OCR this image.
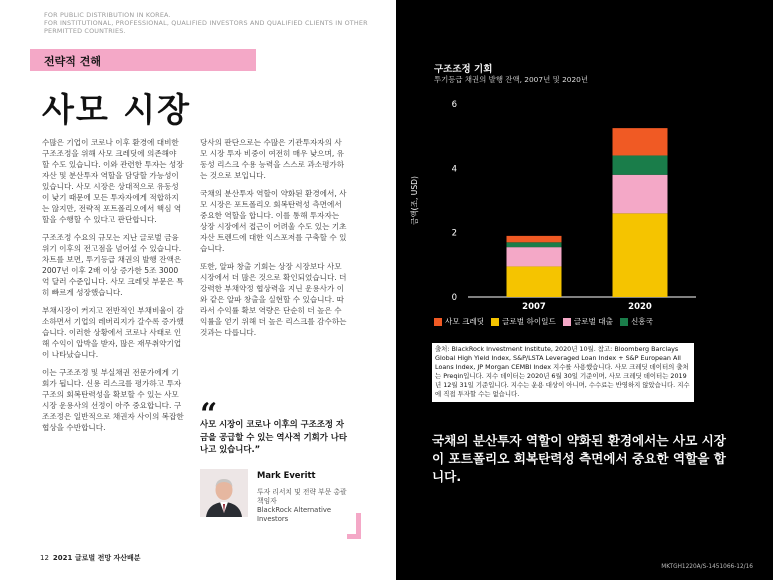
FOR PUBLIC DISTRIBUTION IN KOREA.
FOR INSTITUTIONAL, PROFESSIONAL, QUALIFIED INVESTORS AND QUALIFIED CLIENTS IN OTHER PERMITTED COUNTRIES.
전략적 견해
사모 시장

수많은 기업이 코로나 이후 환경에 대비한 구조조정을 위해 사모 크레딧에 의존해야 할 수도 있습니다. 이와 관련한 투자는 성장자산 및 분산투자 역할을 담당할 가능성이 있습니다. 사모 시장은 상대적으로 유동성이 낮기 때문에 모든 투자자에게 적합하지는 않지만, 전략적 포트폴리오에서 핵심 역할을 수행할 수 있다고 판단합니다.

구조조정 수요의 규모는 지난 글로벌 금융위기 이후의 전고점을 넘어설 수 있습니다. 차트를 보면, 투기등급 채권의 발행 잔액은 2007년 이후 2배 이상 증가한 5조 3000억 달러 수준입니다. 사모 크레딧 부문은 특히 빠르게 성장했습니다.

부채시장이 커지고 전반적인 부채비율이 감소하면서 기업의 레버리지가 갈수록 증가했습니다. 이러한 상황에서 코로나 사태로 인해 수익이 압박을 받자, 많은 재무취약기업이 나타났습니다.

이는 구조조정 및 부실채권 전문가에게 기회가 됩니다. 신용 리스크를 평가하고 투자 구조의 회복탄력성을 확보할 수 있는 사모 시장 운용사의 선정이 아주 중요합니다. 구조조정은 일반적으로 채권자 사이의 복잡한 협상을 수반합니다.

당사의 판단으로는 수많은 기관투자자의 사모 시장 투자 비중이 여전히 매우 낮으며, 유동성 리스크 수용 능력을 스스로 과소평가하는 것으로 보입니다.

국채의 분산투자 역할이 약화된 환경에서, 사모 시장은 포트폴리오 회복탄력성 측면에서 중요한 역할을 합니다. 이를 통해 투자자는 상장 시장에서 접근이 어려울 수도 있는 기초자산 트렌드에 대한 익스포저를 구축할 수 있습니다.

또한, 알파 창출 기회는 상장 시장보다 사모 시장에서 더 많은 것으로 확인되었습니다. 더 강력한 부채약정 협상력을 지닌 운용사가 이와 같은 알파 창출을 실현할 수 있습니다. 따라서 수익률 확보 역량은 단순히 더 높은 수익률을 얻기 위해 더 높은 리스크를 감수하는 것과는 다릅니다.

“
사모 시장이 코로나 이후의 구조조정 자금을 공급할 수 있는 역사적 기회가 나타나고 있습니다.”
Mark Everitt
투자 리서치 및 전략 부문 총괄 책임자
BlackRock Alternative Investors
12 2021 글로벌 전망 자산배분
구조조정 기회
투기등급 채권의 발행 잔액, 2007년 및 2020년
0
2
4
6
금액(조, USD)
2007	2020
사모 크레딧 글로벌 하이일드 글로벌 대출 신흥국
출처: BlackRock Investment Institute, 2020년 10월. 참고: Bloomberg Barclays Global High Yield Index, S&P/LSTA Leveraged Loan Index + S&P European All Loans Index, JP Morgan CEMBI Index 지수를 사용했습니다. 사모 크레딧 데이터의 출처는 Preqin입니다. 지수 데이터는 2020년 6월 30일 기준이며, 사모 크레딧 데이터는 2019년 12월 31일 기준입니다. 지수는 운용 대상이 아니며, 수수료는 반영하지 않았습니다. 지수에 직접 투자할 수는 없습니다.
국채의 분산투자 역할이 약화된 환경에서는 사모 시장이 포트폴리오 회복탄력성 측면에서 중요한 역할을 합니다.
MKTGH1220A/S-1451066-12/16
